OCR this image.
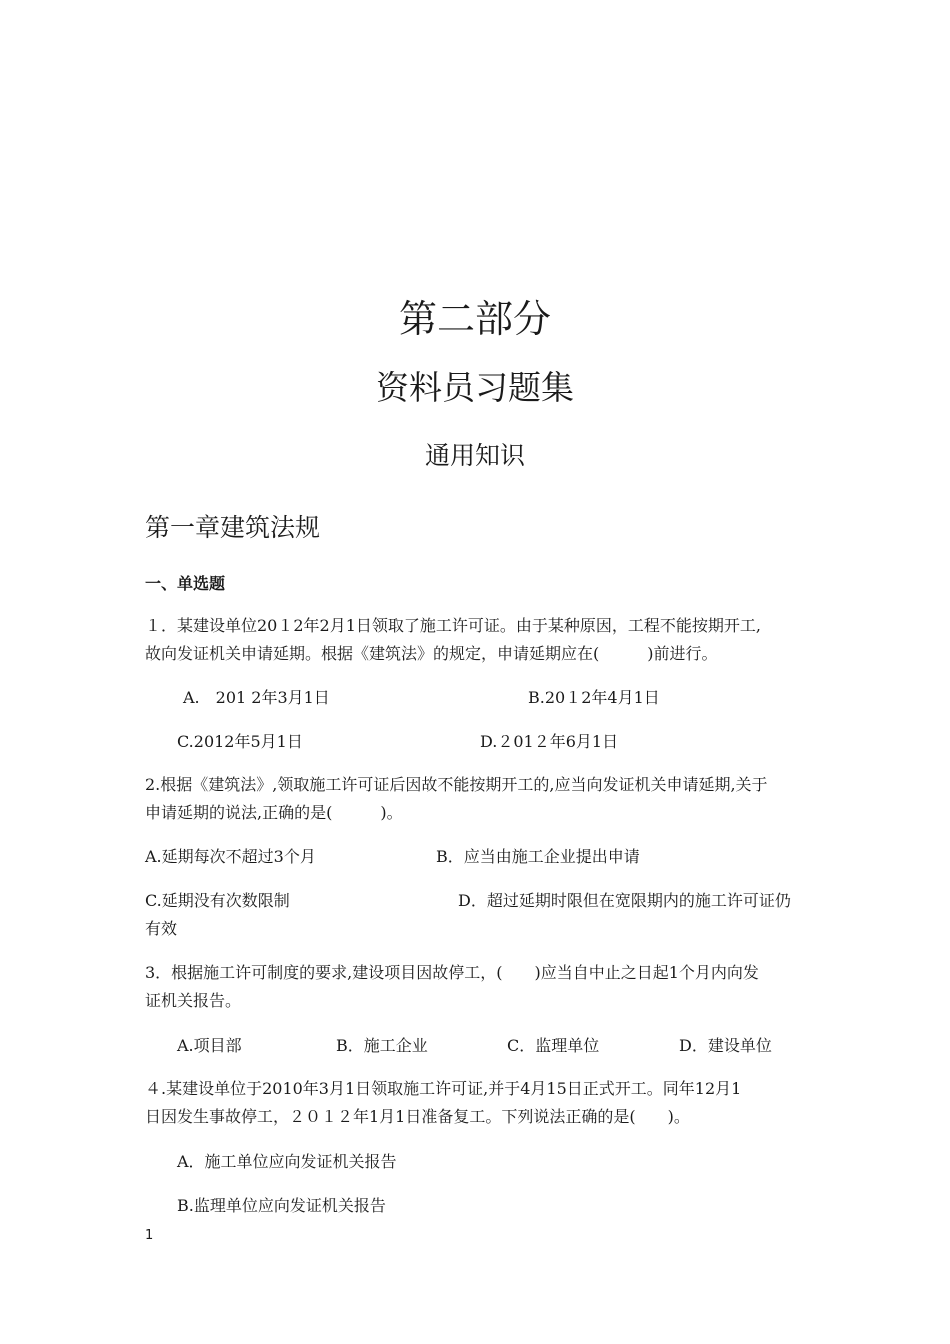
第二部分
资料员习题集
通用知识
第一章建筑法规
一、单选题
１．某建设单位20１2年2月1日领取了施工许可证。由于某种原因，工程不能按期开工,
故向发证机关申请延期。根据《建筑法》的规定，申请延期应在(　　　)前进行。
A.　201 2年3月1日	B.20１2年4月1日
C.2012年5月1日	D.２01２年6月1日
2.根据《建筑法》,领取施工许可证后因故不能按期开工的,应当向发证机关申请延期,关于
申请延期的说法,正确的是(　　　)。
A.延期每次不超过3个月	B．应当由施工企业提出申请
C.延期没有次数限制	D．超过延期时限但在宽限期内的施工许可证仍
有效
3．根据施工许可制度的要求,建设项目因故停工，(　　)应当自中止之日起1个月内向发
证机关报告。
A.项目部	B．施工企业	C．监理单位	D．建设单位
４.某建设单位于2010年3月1日领取施工许可证,并于4月15日正式开工。同年12月1
日因发生事故停工，２０１２年1月1日准备复工。下列说法正确的是(　　)。
A．施工单位应向发证机关报告
B.监理单位应向发证机关报告
1
